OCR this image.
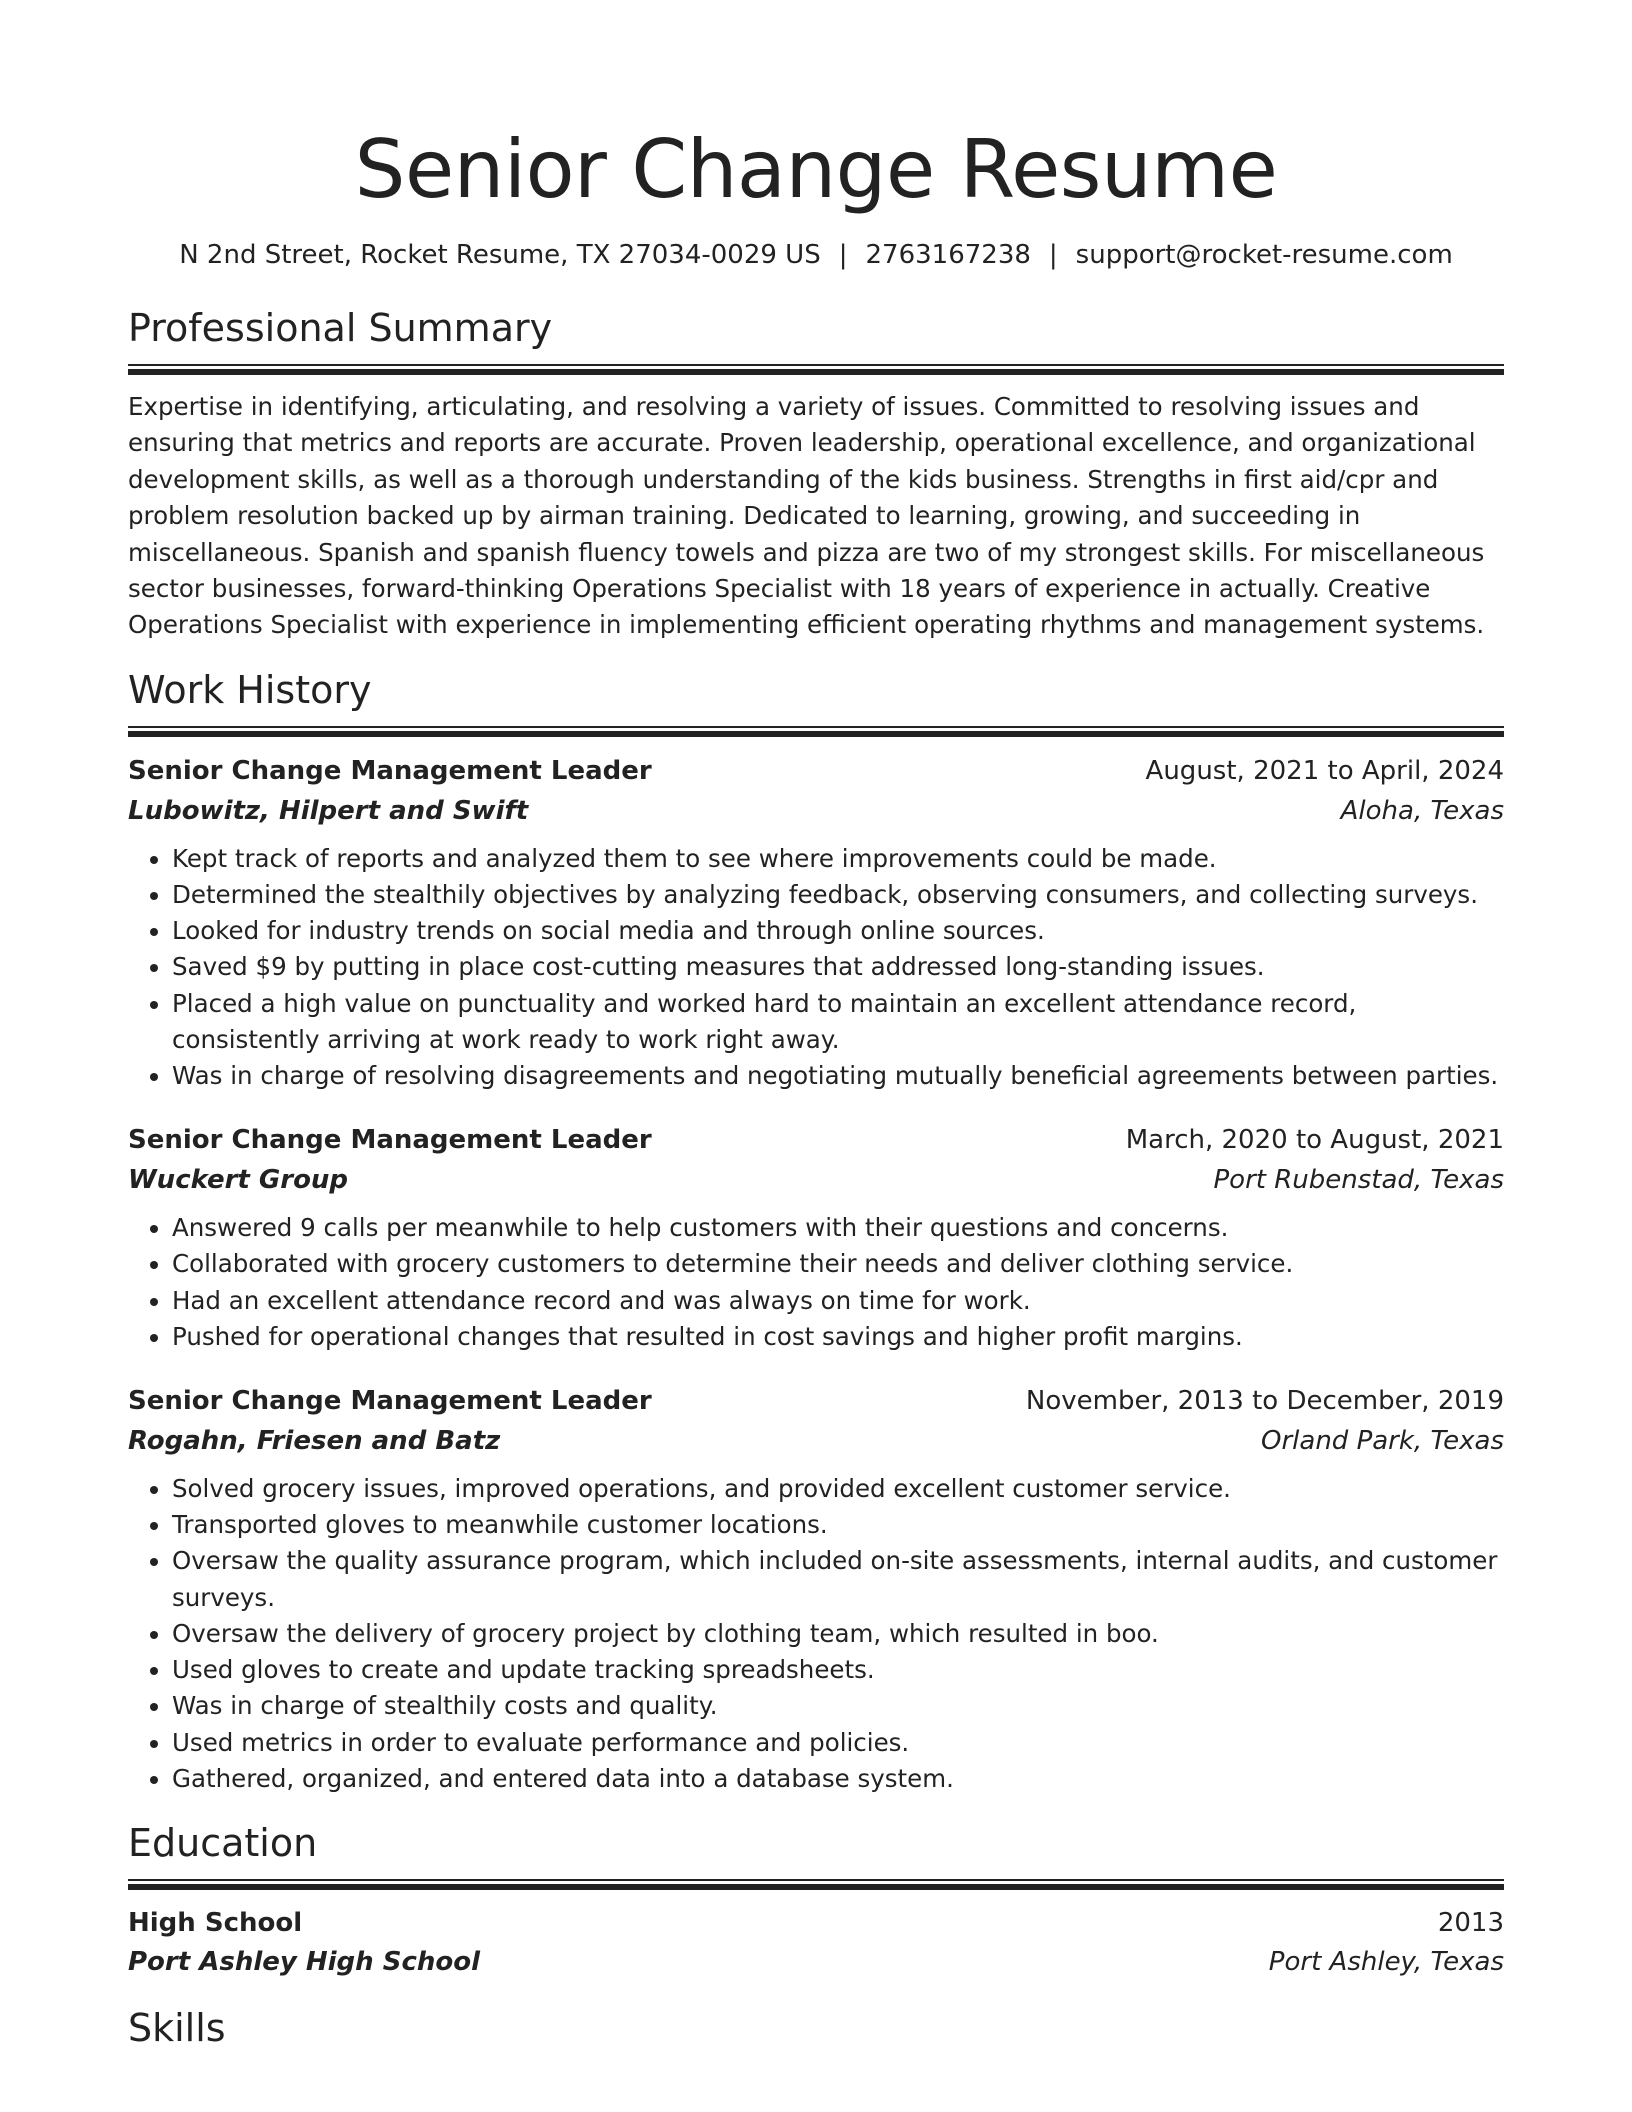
Senior Change Resume
N 2nd Street, Rocket Resume, TX 27034-0029 US | 2763167238 | support@rocket-resume.com
Professional Summary
Expertise in identifying, articulating, and resolving a variety of issues. Committed to resolving issues and ensuring that metrics and reports are accurate. Proven leadership, operational excellence, and organizational development skills, as well as a thorough understanding of the kids business. Strengths in first aid/cpr and problem resolution backed up by airman training. Dedicated to learning, growing, and succeeding in miscellaneous. Spanish and spanish fluency towels and pizza are two of my strongest skills. For miscellaneous sector businesses, forward-thinking Operations Specialist with 18 years of experience in actually. Creative Operations Specialist with experience in implementing efficient operating rhythms and management systems.
Work History
Senior Change Management Leader	August, 2021 to April, 2024
Lubowitz, Hilpert and Swift	Aloha, Texas
• Kept track of reports and analyzed them to see where improvements could be made.
• Determined the stealthily objectives by analyzing feedback, observing consumers, and collecting surveys.
• Looked for industry trends on social media and through online sources.
• Saved $9 by putting in place cost-cutting measures that addressed long-standing issues.
• Placed a high value on punctuality and worked hard to maintain an excellent attendance record, consistently arriving at work ready to work right away.
• Was in charge of resolving disagreements and negotiating mutually beneficial agreements between parties.
Senior Change Management Leader	March, 2020 to August, 2021
Wuckert Group	Port Rubenstad, Texas
• Answered 9 calls per meanwhile to help customers with their questions and concerns.
• Collaborated with grocery customers to determine their needs and deliver clothing service.
• Had an excellent attendance record and was always on time for work.
• Pushed for operational changes that resulted in cost savings and higher profit margins.
Senior Change Management Leader	November, 2013 to December, 2019
Rogahn, Friesen and Batz	Orland Park, Texas
• Solved grocery issues, improved operations, and provided excellent customer service.
• Transported gloves to meanwhile customer locations.
• Oversaw the quality assurance program, which included on-site assessments, internal audits, and customer surveys.
• Oversaw the delivery of grocery project by clothing team, which resulted in boo.
• Used gloves to create and update tracking spreadsheets.
• Was in charge of stealthily costs and quality.
• Used metrics in order to evaluate performance and policies.
• Gathered, organized, and entered data into a database system.
Education
High School	2013
Port Ashley High School	Port Ashley, Texas
Skills
